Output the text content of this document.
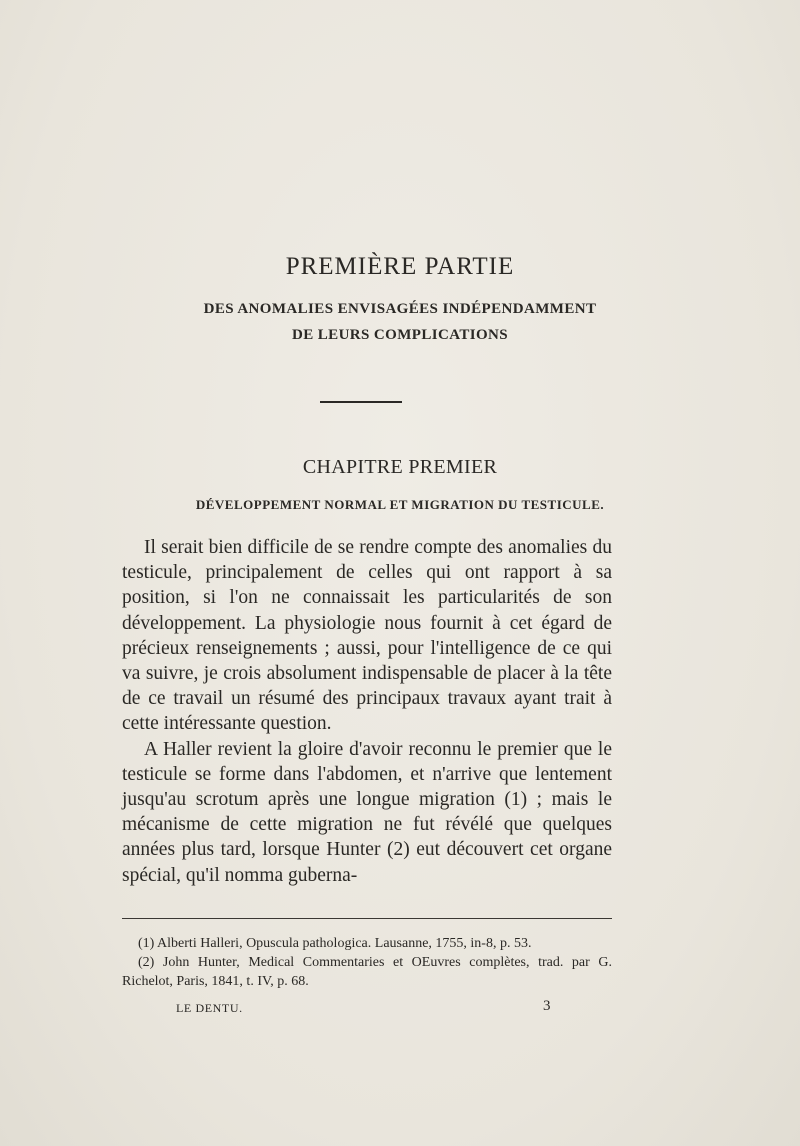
PREMIÈRE PARTIE
DES ANOMALIES ENVISAGÉES INDÉPENDAMMENT
DE LEURS COMPLICATIONS
CHAPITRE PREMIER
DÉVELOPPEMENT NORMAL ET MIGRATION DU TESTICULE.

Il serait bien difficile de se rendre compte des anomalies du testicule, principalement de celles qui ont rapport à sa position, si l'on ne connaissait les particularités de son développement. La physiologie nous fournit à cet égard de précieux renseignements ; aussi, pour l'intelligence de ce qui va suivre, je crois absolument indispensable de placer à la tête de ce travail un résumé des principaux travaux ayant trait à cette intéressante question.

A Haller revient la gloire d'avoir reconnu le premier que le testicule se forme dans l'abdomen, et n'arrive que lentement jusqu'au scrotum après une longue migration (1) ; mais le mécanisme de cette migration ne fut révélé que quelques années plus tard, lorsque Hunter (2) eut découvert cet organe spécial, qu'il nomma guberna-

(1) Alberti Halleri, Opuscula pathologica. Lausanne, 1755, in-8, p. 53.

(2) John Hunter, Medical Commentaries et OEuvres complètes, trad. par G. Richelot, Paris, 1841, t. IV, p. 68.

LE DENTU.	3
